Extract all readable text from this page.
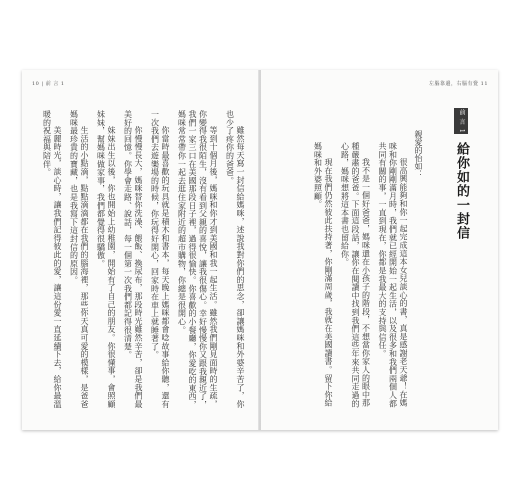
10 | 前 言 1

雖然每天寫一封信給媽咪，述說我對你們的思念，卻讓媽咪和外婆辛苦了，你也少了疼你的爸爸。

等到十個月後，媽咪和你才到美國和我一起生活。雖然我們剛見面時的生疏，你變得我很陌生，沒有看到父親的喜悅，讓我很傷心。幸好慢慢你又跟我親近了，我們一家三口在美國那段日子裡，過得很愉快。你喜歡的小餐廳，你愛吃的東西，媽咪常常帶你一起去逛住家附近的超市購物，你總是很開心。

你當時最喜歡的玩具就是積木和書本，每天晚上媽咪都會唸故事給你聽，還有一次我們去遊樂場的時候，你玩得好開心，回家時在車上就睡著了。

你慢慢長大，媽咪替你洗澡、餵飯、換尿布，那段時光雖然辛苦，卻是我們最美好的回憶。你學會走路、說話，每一個第一次我們都記得很清楚。

妹妹出生以後，你也開始上幼稚園，開始有了自己的朋友。你很懂事，會照顧妹妹，幫媽咪做家事，我們都覺得很驕傲。

生活的小點滴，點點滴滴都在我們的腦海裡，那些你天真可愛的模樣，是爸爸媽咪最珍貴的寶藏，也是我寫下這封信的原因。

美麗時光，談心時，讓我們記得彼此的愛，讓這份愛一直延續下去，給你最溫暖的祝福與陪伴。

左腦靠邊，右腦有覺 11
前 言 1
給你如的一封信
親愛的怡如：

很高興能夠和你一起完成這本女兒談心的書，真是感謝老天爺！在媽咪和你剛剛滿月時，我們就已經開始一起生活，以及很多和我們兩個人都共同有關的事，一直到現在，你都是我最大的支持與信任。

我不是一個好爸爸，媽咪還在小孩子的階段，不想當你家人的眼中那種嚴肅的爸爸。下面這段話，讓你在閱讀中找到我們這些年來共同走過的心路，媽咪想將這本書也留給你。

現在我們仍然彼此扶持著，你剛滿周歲，我就在美國讀書。留下你給媽咪和外婆照顧。
